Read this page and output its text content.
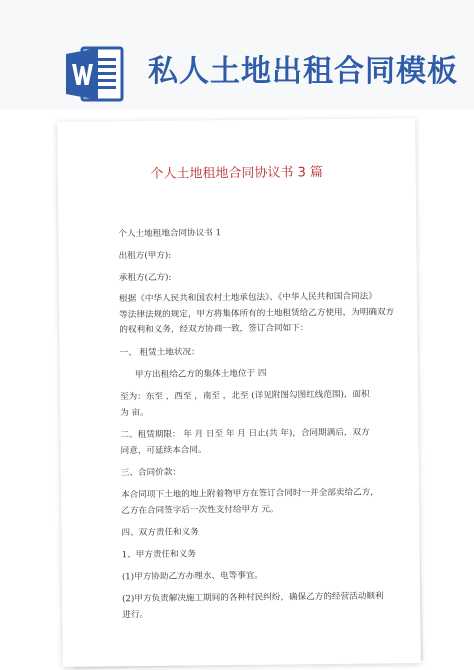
私人土地出租合同模板
个人土地租地合同协议书 3 篇
个人土地租地合同协议书 1
出租方(甲方):
承租方(乙方):
根据《中华人民共和国农村土地承包法》、《中华人民共和国合同法》
等法律法规的规定，甲方将集体所有的土地租赁给乙方使用，为明确双方
的权利和义务，经双方协商一致，签订合同如下：
一、 租赁土地状况：
甲方出租给乙方的集体土地位于 四
至为：东至 ，西至 ，南至 ，北至 (详见附图勾图红线范围)，面积
为 亩。
二、租赁期限： 年 月 日至 年 月 日止(共 年)，合同期满后，双方
同意，可延续本合同。
三、合同价款：
本合同项下土地的地上附着物甲方在签订合同时一并全部卖给乙方，
乙方在合同签字后一次性支付给甲方 元。
四、双方责任和义务
1、甲方责任和义务
(1)甲方协助乙方办理水、电等事宜。
(2)甲方负责解决施工期间的各种村民纠纷，确保乙方的经营活动顺利
进行。
